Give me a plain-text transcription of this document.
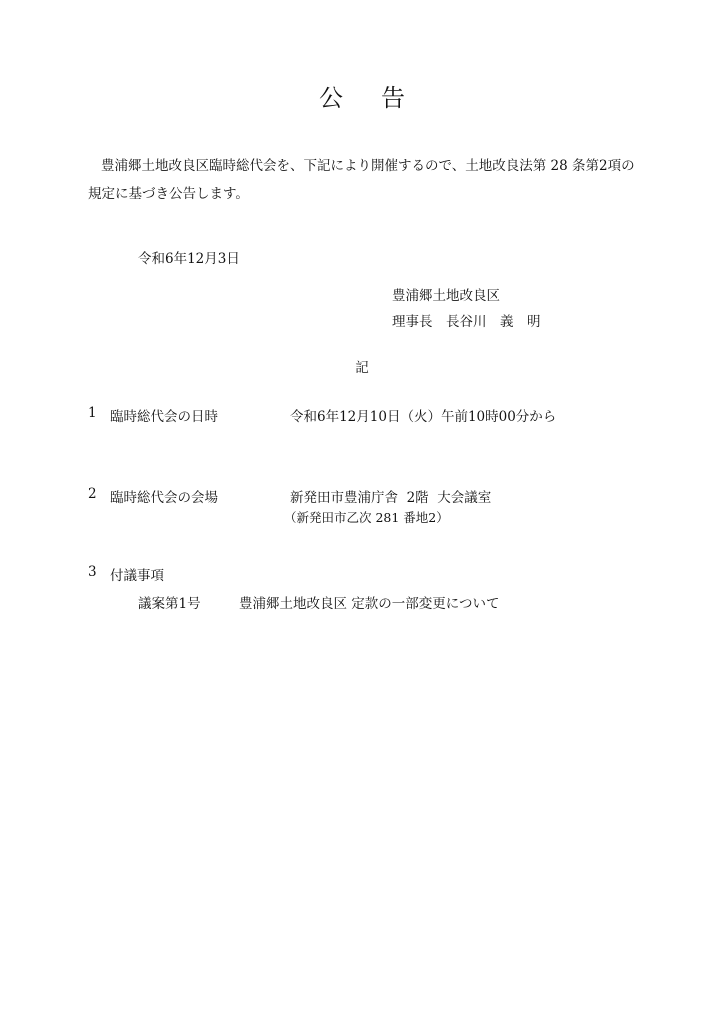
公告
豊浦郷土地改良区臨時総代会を、下記により開催するので、土地改良法第 28 条第2項の規定に基づき公告します。
令和6年12月3日
豊浦郷土地改良区
理事長　長谷川　義　明
記
1 臨時総代会の日時	令和6年12月10日（火）午前10時00分から
2 臨時総代会の会場	新発田市豊浦庁舎  2階  大会議室
（新発田市乙次 281 番地2）
3 付議事項
議案第1号	豊浦郷土地改良区 定款の一部変更について
